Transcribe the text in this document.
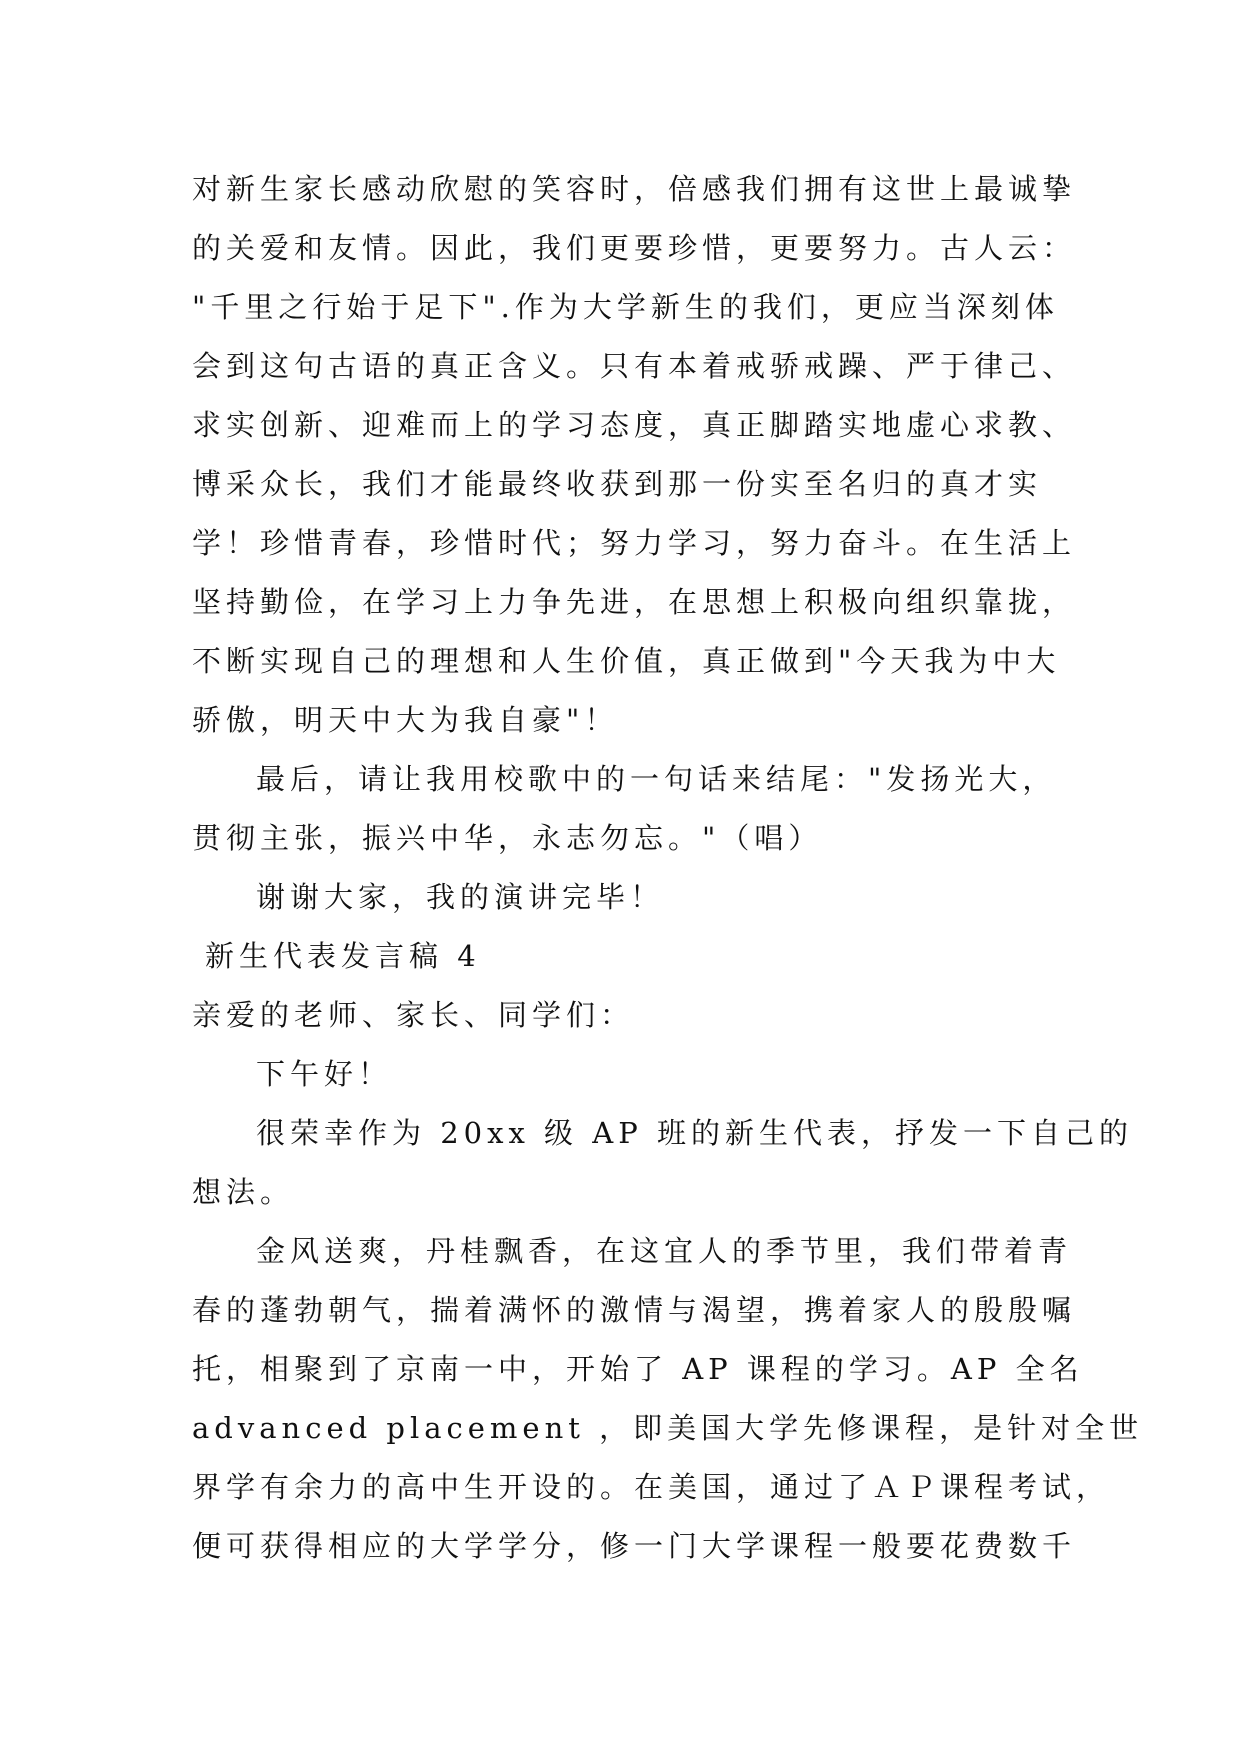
对新生家长感动欣慰的笑容时，倍感我们拥有这世上最诚挚
的关爱和友情。因此，我们更要珍惜，更要努力。古人云：
"千里之行始于足下".作为大学新生的我们，更应当深刻体
会到这句古语的真正含义。只有本着戒骄戒躁、严于律己、
求实创新、迎难而上的学习态度，真正脚踏实地虚心求教、
博采众长，我们才能最终收获到那一份实至名归的真才实
学！珍惜青春，珍惜时代；努力学习，努力奋斗。在生活上
坚持勤俭，在学习上力争先进，在思想上积极向组织靠拢，
不断实现自己的理想和人生价值，真正做到"今天我为中大
骄傲，明天中大为我自豪"！
最后，请让我用校歌中的一句话来结尾："发扬光大，
贯彻主张，振兴中华，永志勿忘。"（唱）
谢谢大家，我的演讲完毕！
新生代表发言稿 4
亲爱的老师、家长、同学们：
下午好！
很荣幸作为 20xx 级 AP 班的新生代表，抒发一下自己的
想法。
金风送爽，丹桂飘香，在这宜人的季节里，我们带着青
春的蓬勃朝气，揣着满怀的激情与渴望，携着家人的殷殷嘱
托，相聚到了京南一中，开始了 AP 课程的学习。AP 全名
advanced placement ，即美国大学先修课程，是针对全世
界学有余力的高中生开设的。在美国，通过了ＡＰ课程考试，
便可获得相应的大学学分，修一门大学课程一般要花费数千
